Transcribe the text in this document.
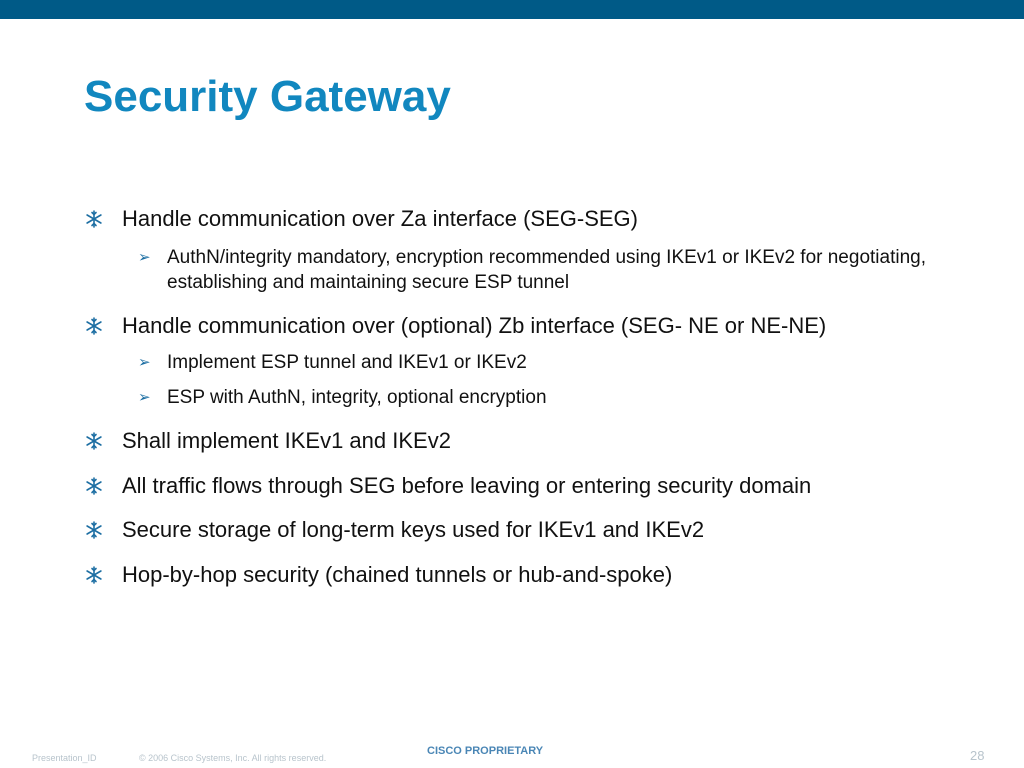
Security Gateway
Handle communication over Za interface (SEG-SEG)
➢ AuthN/integrity mandatory, encryption recommended using IKEv1 or IKEv2 for negotiating, establishing and maintaining secure ESP tunnel
Handle communication over (optional) Zb interface (SEG- NE or NE-NE)
➢ Implement ESP tunnel and IKEv1 or IKEv2
➢ ESP with AuthN, integrity, optional encryption
Shall implement IKEv1 and IKEv2
All traffic flows through SEG before leaving or entering security domain
Secure storage of long-term keys used for IKEv1 and IKEv2
Hop-by-hop security (chained tunnels or hub-and-spoke)
Presentation_ID	© 2006 Cisco Systems, Inc. All rights reserved.
CISCO PROPRIETARY	28
